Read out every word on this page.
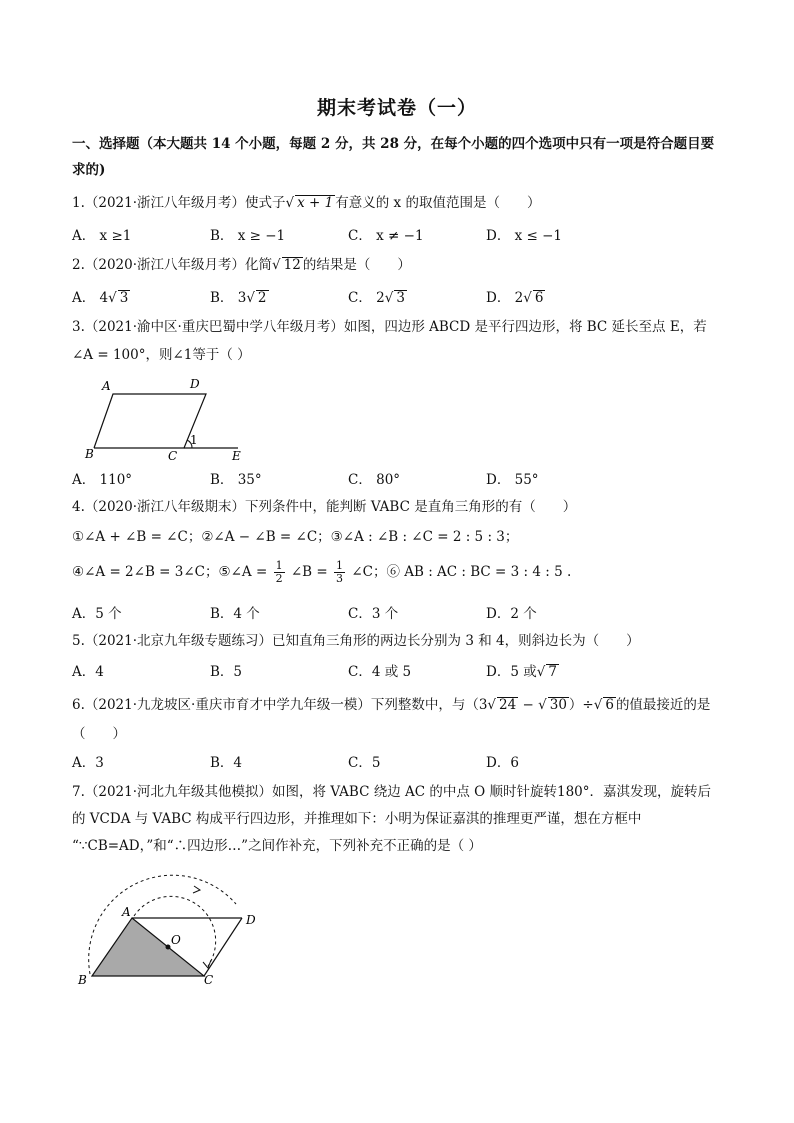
期末考试卷（一）
一、选择题（本大题共 14 个小题，每题 2 分，共 28 分，在每个小题的四个选项中只有一项是符合题目要
求的)
1.（2021·浙江八年级月考）使式子√ x + 1 有意义的 x 的取值范围是（　　）
A． x ≥1	B． x ≥ −1	C． x ≠ −1	D． x ≤ −1
2.（2020·浙江八年级月考）化简√ 12 的结果是（　　）
A． 4√ 3	B． 3√ 2	C． 2√ 3	D． 2√ 6
3.（2021·渝中区·重庆巴蜀中学八年级月考）如图，四边形 ABCD 是平行四边形，将 BC 延长至点 E，若
∠A = 100°，则∠1等于（ ）
A	D
B	C	E
1
A． 110°	B． 35°	C． 80°	D． 55°
4.（2020·浙江八年级期末）下列条件中，能判断 VABC 是直角三角形的有（　　）
①∠A + ∠B = ∠C；②∠A − ∠B = ∠C；③∠A : ∠B : ∠C = 2 : 5 : 3；
④∠A = 2∠B = 3∠C；⑤∠A = $\frac{1}{2}$ ∠B = $\frac{1}{3}$ ∠C；⑥ AB : AC : BC = 3 : 4 : 5 .
A．5 个	B．4 个	C．3 个	D．2 个
5.（2021·北京九年级专题练习）已知直角三角形的两边长分别为 3 和 4，则斜边长为（　　）
A．4	B．5	C．4 或 5	D．5 或√ 7
6.（2021·九龙坡区·重庆市育才中学九年级一模）下列整数中，与（3√ 24 − √ 30 ）÷√ 6 的值最接近的是
（　　）
A．3	B．4	C．5	D．6
7.（2021·河北九年级其他模拟）如图，将 VABC 绕边 AC 的中点 O 顺时针旋转180°．嘉淇发现，旋转后
的 VCDA 与 VABC 构成平行四边形，并推理如下：小明为保证嘉淇的推理更严谨，想在方框中
“∵CB=AD，”和“∴四边形…”之间作补充，下列补充不正确的是（ ）
A
D
B	C
O
